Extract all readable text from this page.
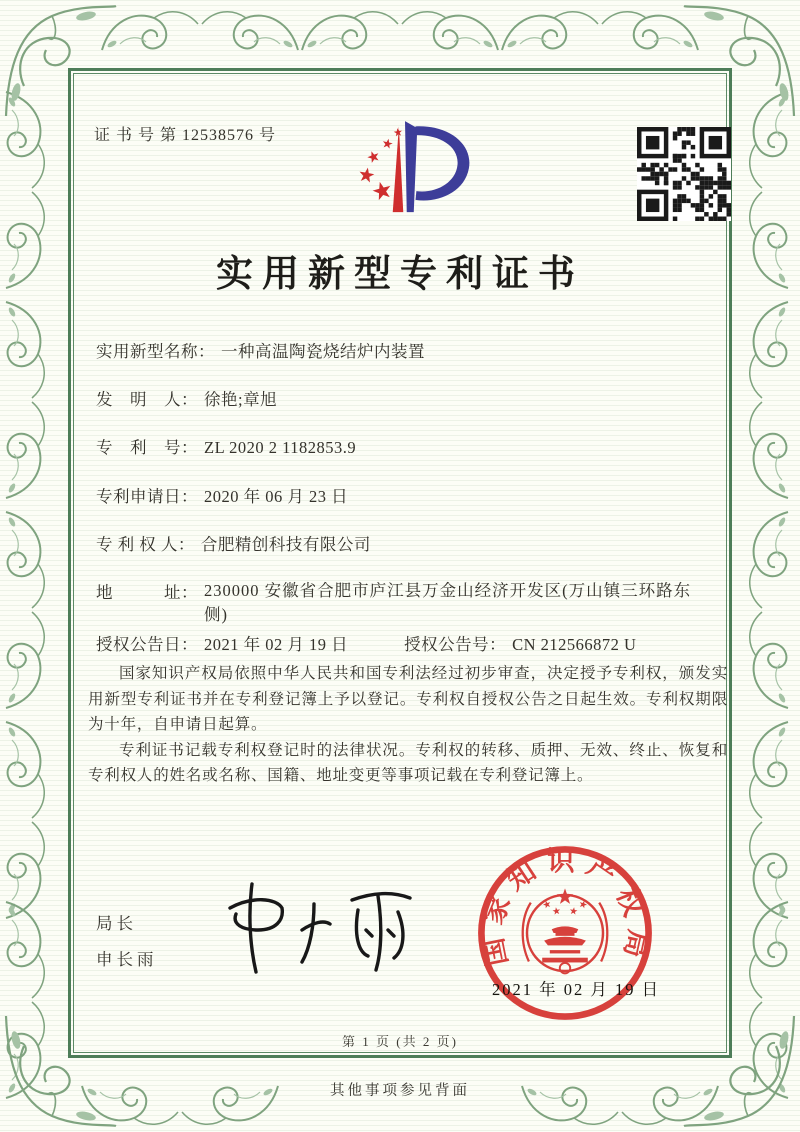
证 书 号 第 12538576 号
实用新型专利证书
实用新型名称： 一种高温陶瓷烧结炉内装置
发　明　人： 徐艳;章旭
专　利　号： ZL 2020 2 1182853.9
专利申请日： 2020 年 06 月 23 日
专 利 权 人： 合肥精创科技有限公司
地　　　址： 230000 安徽省合肥市庐江县万金山经济开发区(万山镇三环路东侧)
授权公告日： 2021 年 02 月 19 日	授权公告号： CN 212566872 U

国家知识产权局依照中华人民共和国专利法经过初步审查，决定授予专利权，颁发实用新型专利证书并在专利登记簿上予以登记。专利权自授权公告之日起生效。专利权期限为十年，自申请日起算。

专利证书记载专利权登记时的法律状况。专利权的转移、质押、无效、终止、恢复和专利权人的姓名或名称、国籍、地址变更等事项记载在专利登记簿上。

局长
申长雨	国家知识产权局
2021 年 02 月 19 日
第 1 页 (共 2 页)
其他事项参见背面
